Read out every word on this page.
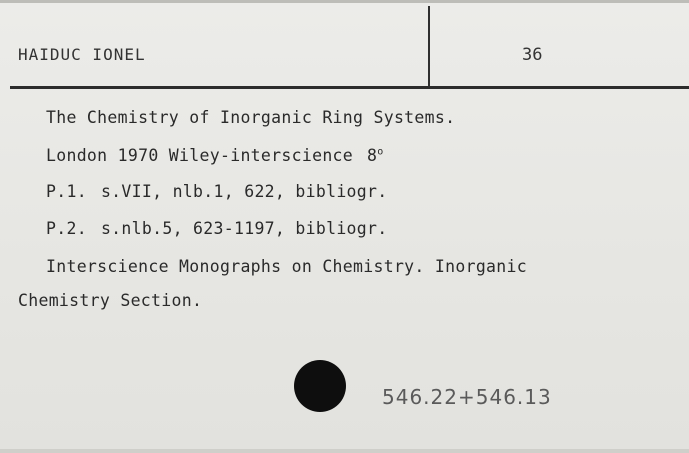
HAIDUC IONEL	36
The Chemistry of Inorganic Ring Systems.
London 1970 Wiley-interscience 8$^o$
P.1. s.VII, nlb.1, 622, bibliogr.
P.2. s.nlb.5, 623-1197, bibliogr.
Interscience Monographs on Chemistry. Inorganic
Chemistry Section.
546.22+546.13
